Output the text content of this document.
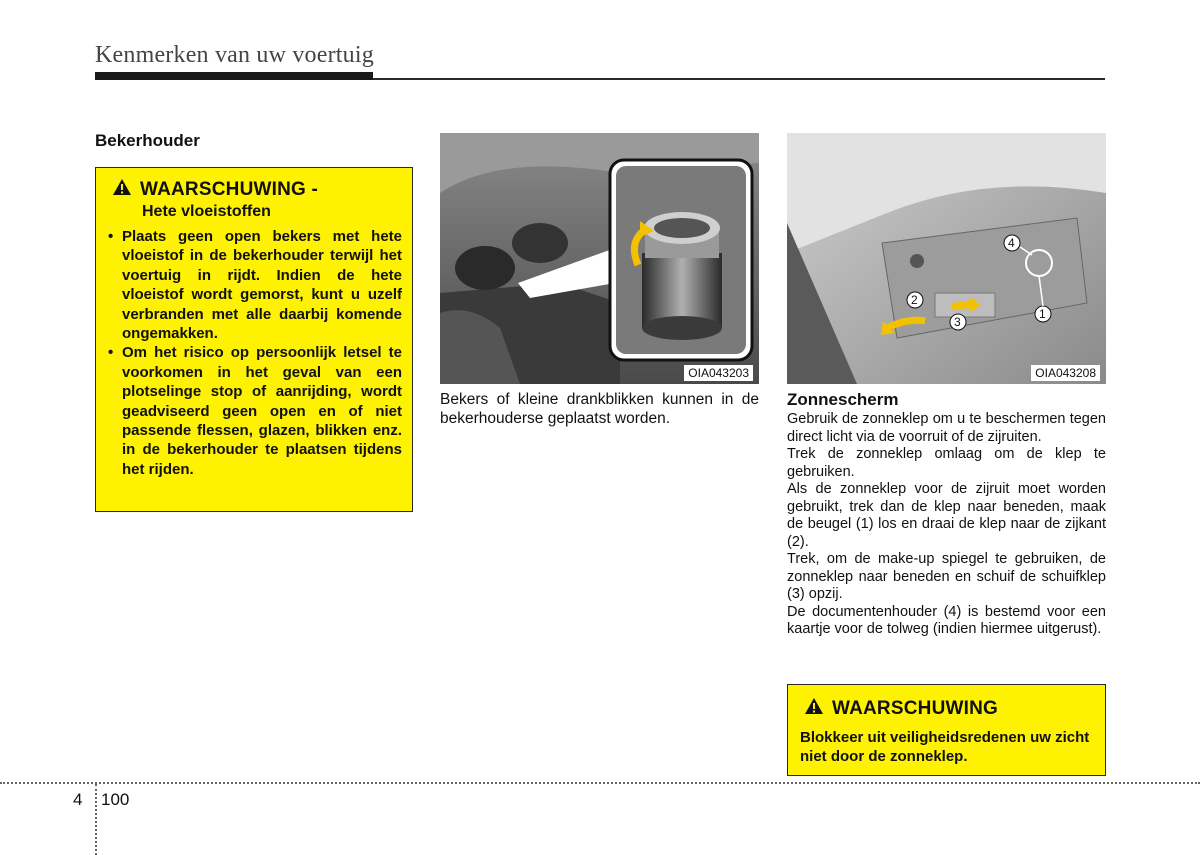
Kenmerken van uw voertuig
Bekerhouder
WAARSCHUWING -
Hete vloeistoffen
• Plaats geen open bekers met hete vloeistof in de bekerhouder terwijl het voertuig in rijdt. Indien de hete vloeistof wordt gemorst, kunt u uzelf verbranden met alle daarbij komende ongemakken.
• Om het risico op persoonlijk letsel te voorkomen in het geval van een plotselinge stop of aanrijding, wordt geadviseerd geen open en of niet passende flessen, glazen, blikken enz. in de bekerhouder te plaatsen tijdens het rijden.
OIA043203
Bekers of kleine drankblikken kunnen in de bekerhouderse geplaatst worden.
4
2
3
1
OIA043208
Zonnescherm

Gebruik de zonneklep om u te beschermen tegen direct licht via de voorruit of de zijruiten.

Trek de zonneklep omlaag om de klep te gebruiken.

Als de zonneklep voor de zijruit moet worden gebruikt, trek dan de klep naar beneden, maak de beugel (1) los en draai de klep naar de zijkant (2).

Trek, om de make-up spiegel te gebruiken, de zonneklep naar beneden en schuif de schuifklep (3) opzij.

De documentenhouder (4) is bestemd voor een kaartje voor de tolweg (indien hiermee uitgerust).

WAARSCHUWING
Blokkeer uit veiligheidsredenen uw zicht niet door de zonneklep.
4 100
